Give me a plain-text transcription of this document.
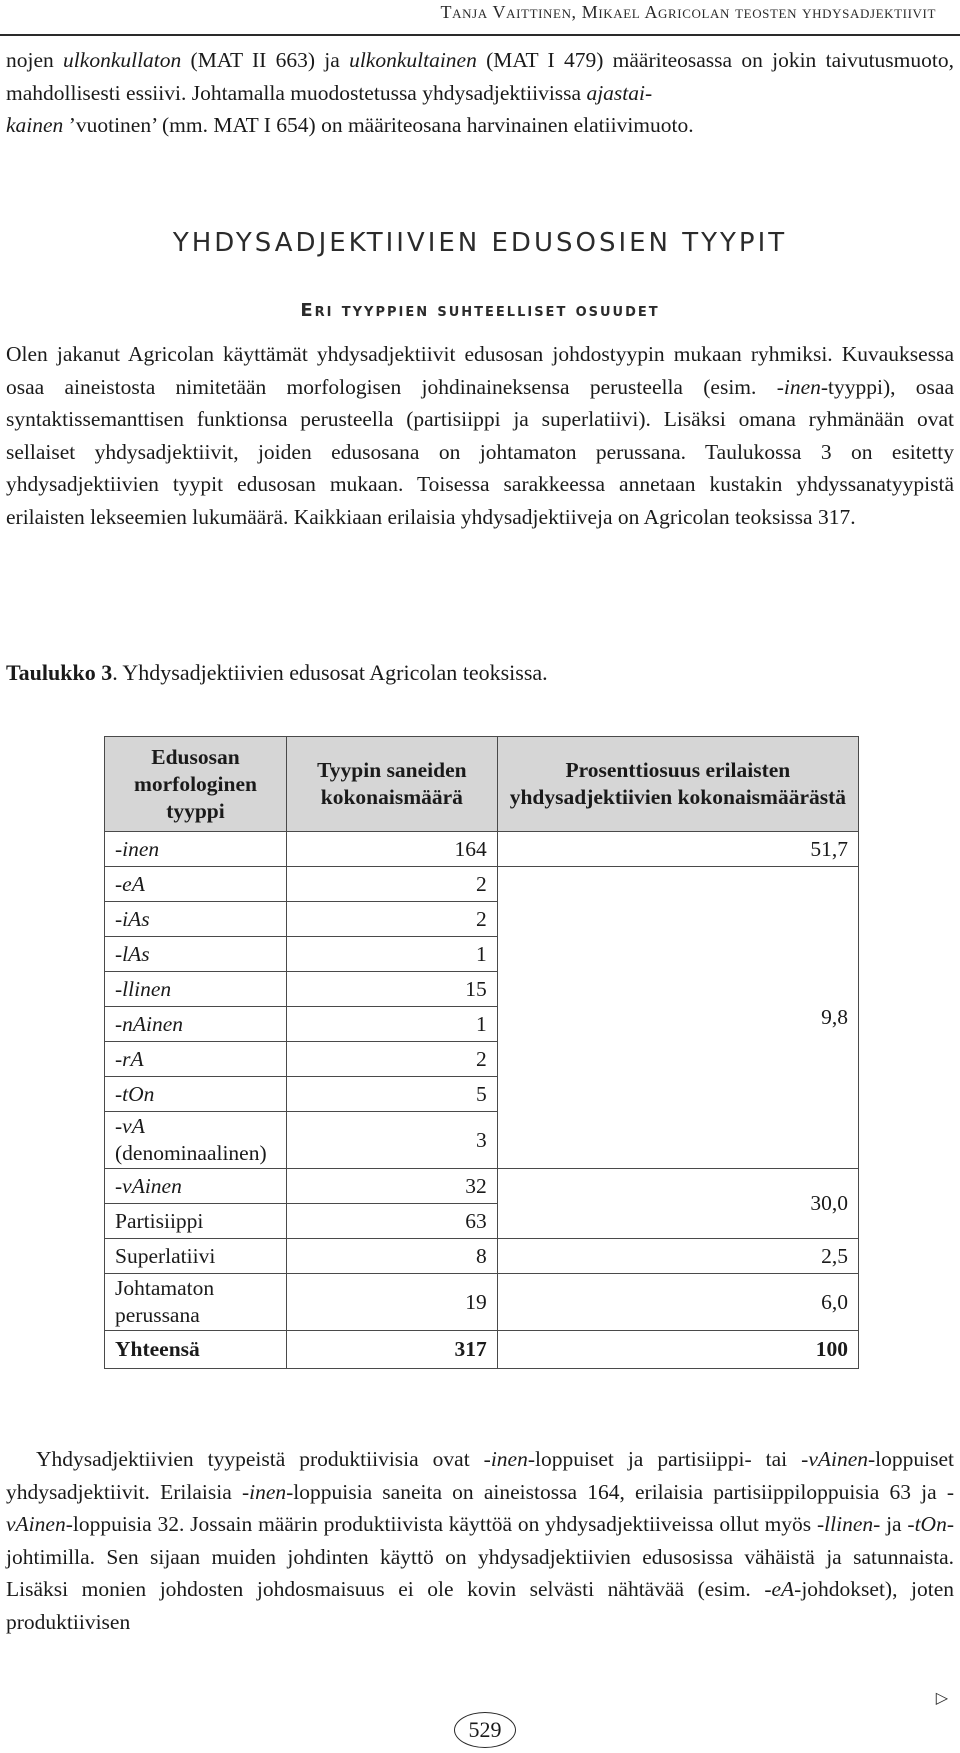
Tanja Vaittinen, Mikael Agricolan teosten yhdysadjektiivit

nojen ulkonkullaton (MAT II 663) ja ulkonkultainen (MAT I 479) määriteosassa on jokin taivutusmuoto, mahdollisesti essiivi. Johtamalla muodostetussa yhdysadjektiivissa ajastai-
kainen ’vuotinen’ (mm. MAT I 654) on määriteosana harvinainen elatiivimuoto.

YHDYSADJEKTIIVIEN EDUSOSIEN TYYPIT
Eri tyyppien suhteelliset osuudet

Olen jakanut Agricolan käyttämät yhdysadjektiivit edusosan johdostyypin mukaan ryhmiksi. Kuvauksessa osaa aineistosta nimitetään morfologisen johdinaineksensa perusteella (esim. -inen-tyyppi), osaa syntaktissemanttisen funktionsa perusteella (partisiippi ja superlatiivi). Lisäksi omana ryhmänään ovat sellaiset yhdysadjektiivit, joiden edusosana on johtamaton perussana. Taulukossa 3 on esitetty yhdysadjektiivien tyypit edusosan mukaan. Toisessa sarakkeessa annetaan kustakin yhdyssanatyypistä erilaisten lekseemien lukumäärä. Kaikkiaan erilaisia yhdysadjektiiveja on Agricolan teoksissa 317.

Taulukko 3. Yhdysadjektiivien edusosat Agricolan teoksissa.
Edusosan morfologinen tyyppi	Tyypin saneiden kokonaismäärä	Prosenttiosuus erilaisten yhdysadjektiivien kokonaismäärästä
-inen	164	51,7
-eA	2	9,8
-iAs	2	
-lAs	1	
-llinen	15	
-nAinen	1	
-rA	2	
-tOn	5	
-vA (denominaalinen)	3	
-vAinen	32	30,0
Partisiippi	63	
Superlatiivi	8	2,5
Johtamaton perussana	19	6,0
Yhteensä	317	100

Yhdysadjektiivien tyypeistä produktiivisia ovat -inen-loppuiset ja partisiippi- tai -vAinen-loppuiset yhdysadjektiivit. Erilaisia -inen-loppuisia saneita on aineistossa 164, erilaisia partisiippiloppuisia 63 ja -vAinen-loppuisia 32. Jossain määrin produktiivista käyttöä on yhdysadjektiiveissa ollut myös -llinen- ja -tOn-johtimilla. Sen sijaan muiden johdinten käyttö on yhdysadjektiivien edusosissa vähäistä ja satunnaista. Lisäksi monien johdosten johdosmaisuus ei ole kovin selvästi nähtävää (esim. -eA-johdokset), joten produktiivisen

▷
529
